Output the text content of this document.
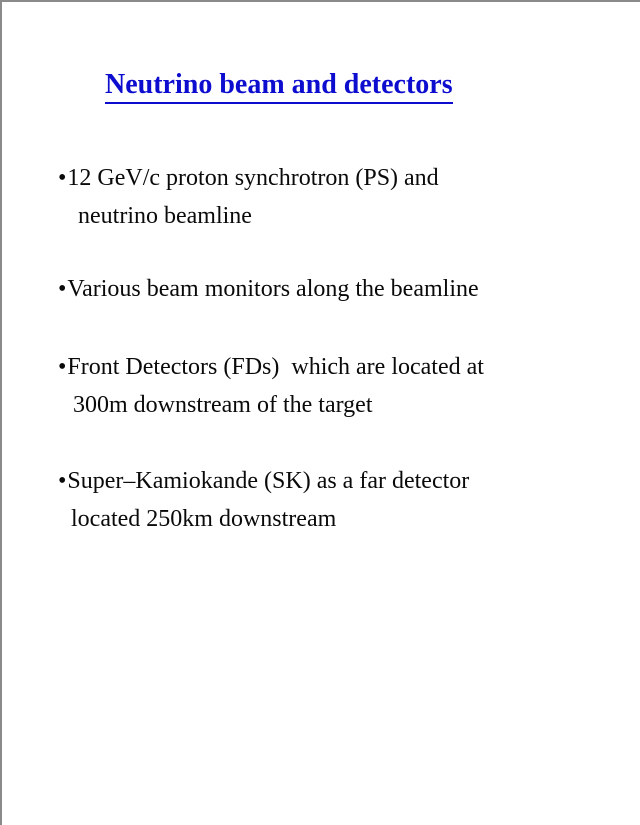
Neutrino beam and detectors
•12 GeV/c proton synchrotron (PS) and
neutrino beamline
•Various beam monitors along the beamline
•Front Detectors (FDs)  which are located at
300m downstream of the target
•Super–Kamiokande (SK) as a far detector
located 250km downstream
